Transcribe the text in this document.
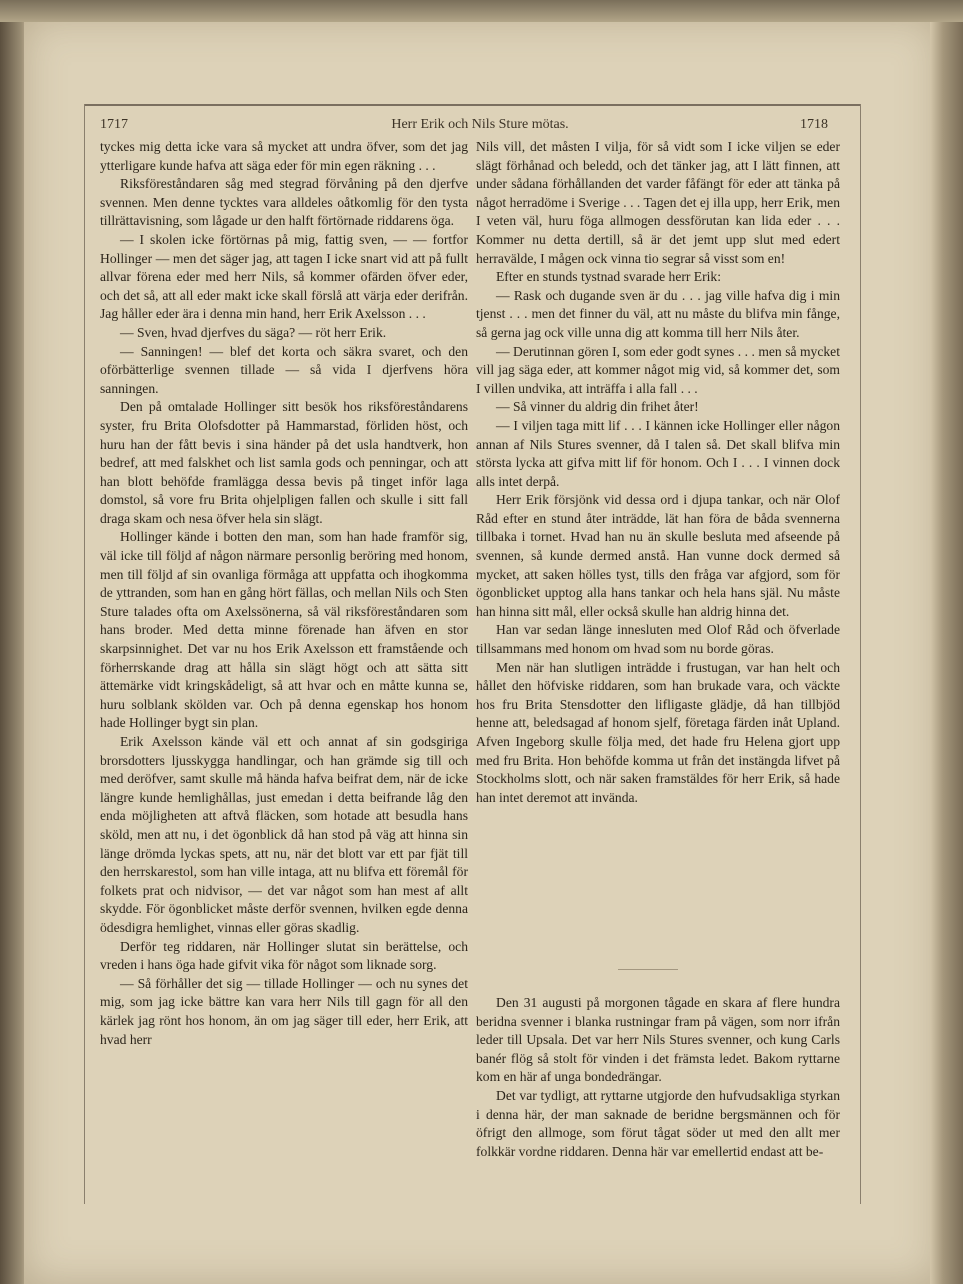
1717	Herr Erik och Nils Sture mötas.	1718

tyckes mig detta icke vara så mycket att undra öfver, som det jag ytterligare kunde hafva att säga eder för min egen räkning . . .

Riksföreståndaren såg med stegrad förvåning på den djerfve svennen. Men denne tycktes vara alldeles oåtkomlig för den tysta tillrättavisning, som lågade ur den halft förtörnade riddarens öga.

— I skolen icke förtörnas på mig, fattig sven, — — fortfor Hollinger — men det säger jag, att tagen I icke snart vid att på fullt allvar förena eder med herr Nils, så kommer ofärden öfver eder, och det så, att all eder makt icke skall förslå att värja eder derifrån. Jag håller eder ära i denna min hand, herr Erik Axelsson . . .

— Sven, hvad djerfves du säga? — röt herr Erik.

— Sanningen! — blef det korta och säkra svaret, och den oförbätterlige svennen tillade — så vida I djerfvens höra sanningen.

Den på omtalade Hollinger sitt besök hos riksföreståndarens syster, fru Brita Olofsdotter på Hammarstad, förliden höst, och huru han der fått bevis i sina händer på det usla handtverk, hon bedref, att med falskhet och list samla gods och penningar, och att han blott behöfde framlägga dessa bevis på tinget inför laga domstol, så vore fru Brita ohjelpligen fallen och skulle i sitt fall draga skam och nesa öfver hela sin slägt.

Hollinger kände i botten den man, som han hade framför sig, väl icke till följd af någon närmare personlig beröring med honom, men till följd af sin ovanliga förmåga att uppfatta och ihogkomma de yttranden, som han en gång hört fällas, och mellan Nils och Sten Sture talades ofta om Axelssönerna, så väl riksföreståndaren som hans broder. Med detta minne förenade han äfven en stor skarpsinnighet. Det var nu hos Erik Axelsson ett framstående och förherrskande drag att hålla sin slägt högt och att sätta sitt ättemärke vidt kringskådeligt, så att hvar och en måtte kunna se, huru solblank skölden var. Och på denna egenskap hos honom hade Hollinger bygt sin plan.

Erik Axelsson kände väl ett och annat af sin godsgiriga brorsdotters ljusskygga handlingar, och han grämde sig till och med deröfver, samt skulle må hända hafva beifrat dem, när de icke längre kunde hemlighållas, just emedan i detta beifrande låg den enda möjligheten att aftvå fläcken, som hotade att besudla hans sköld, men att nu, i det ögonblick då han stod på väg att hinna sin länge drömda lyckas spets, att nu, när det blott var ett par fjät till den herrskarestol, som han ville intaga, att nu blifva ett föremål för folkets prat och nidvisor, — det var något som han mest af allt skydde. För ögonblicket måste derför svennen, hvilken egde denna ödesdigra hemlighet, vinnas eller göras skadlig.

Derför teg riddaren, när Hollinger slutat sin berättelse, och vreden i hans öga hade gifvit vika för något som liknade sorg.

— Så förhåller det sig — tillade Hollinger — och nu synes det mig, som jag icke bättre kan vara herr Nils till gagn för all den kärlek jag rönt hos honom, än om jag säger till eder, herr Erik, att hvad herr

Nils vill, det måsten I vilja, för så vidt som I icke viljen se eder slägt förhånad och beledd, och det tänker jag, att I lätt finnen, att under sådana förhållanden det varder fåfängt för eder att tänka på något herradöme i Sverige . . . Tagen det ej illa upp, herr Erik, men I veten väl, huru föga allmogen dessförutan kan lida eder . . . Kommer nu detta dertill, så är det jemt upp slut med edert herravälde, I mågen ock vinna tio segrar så visst som en!

Efter en stunds tystnad svarade herr Erik:

— Rask och dugande sven är du . . . jag ville hafva dig i min tjenst . . . men det finner du väl, att nu måste du blifva min fånge, så gerna jag ock ville unna dig att komma till herr Nils åter.

— Derutinnan gören I, som eder godt synes . . . men så mycket vill jag säga eder, att kommer något mig vid, så kommer det, som I villen undvika, att inträffa i alla fall . . .

— Så vinner du aldrig din frihet åter!

— I viljen taga mitt lif . . . I kännen icke Hollinger eller någon annan af Nils Stures svenner, då I talen så. Det skall blifva min största lycka att gifva mitt lif för honom. Och I . . . I vinnen dock alls intet derpå.

Herr Erik försjönk vid dessa ord i djupa tankar, och när Olof Råd efter en stund åter inträdde, lät han föra de båda svennerna tillbaka i tornet. Hvad han nu än skulle besluta med afseende på svennen, så kunde dermed anstå. Han vunne dock dermed så mycket, att saken hölles tyst, tills den fråga var afgjord, som för ögonblicket upptog alla hans tankar och hela hans själ. Nu måste han hinna sitt mål, eller också skulle han aldrig hinna det.

Han var sedan länge innesluten med Olof Råd och öfverlade tillsammans med honom om hvad som nu borde göras.

Men när han slutligen inträdde i frustugan, var han helt och hållet den höfviske riddaren, som han brukade vara, och väckte hos fru Brita Stensdotter den lifligaste glädje, då han tillbjöd henne att, beledsagad af honom sjelf, företaga färden inåt Upland. Afven Ingeborg skulle följa med, det hade fru Helena gjort upp med fru Brita. Hon behöfde komma ut från det instängda lifvet på Stockholms slott, och när saken framstäldes för herr Erik, så hade han intet deremot att invända.

Den 31 augusti på morgonen tågade en skara af flere hundra beridna svenner i blanka rustningar fram på vägen, som norr ifrån leder till Upsala. Det var herr Nils Stures svenner, och kung Carls banér flög så stolt för vinden i det främsta ledet. Bakom ryttarne kom en här af unga bondedrängar.

Det var tydligt, att ryttarne utgjorde den hufvudsakliga styrkan i denna här, der man saknade de beridne bergsmännen och för öfrigt den allmoge, som förut tågat söder ut med den allt mer folkkär vordne riddaren. Denna här var emellertid endast att be-
